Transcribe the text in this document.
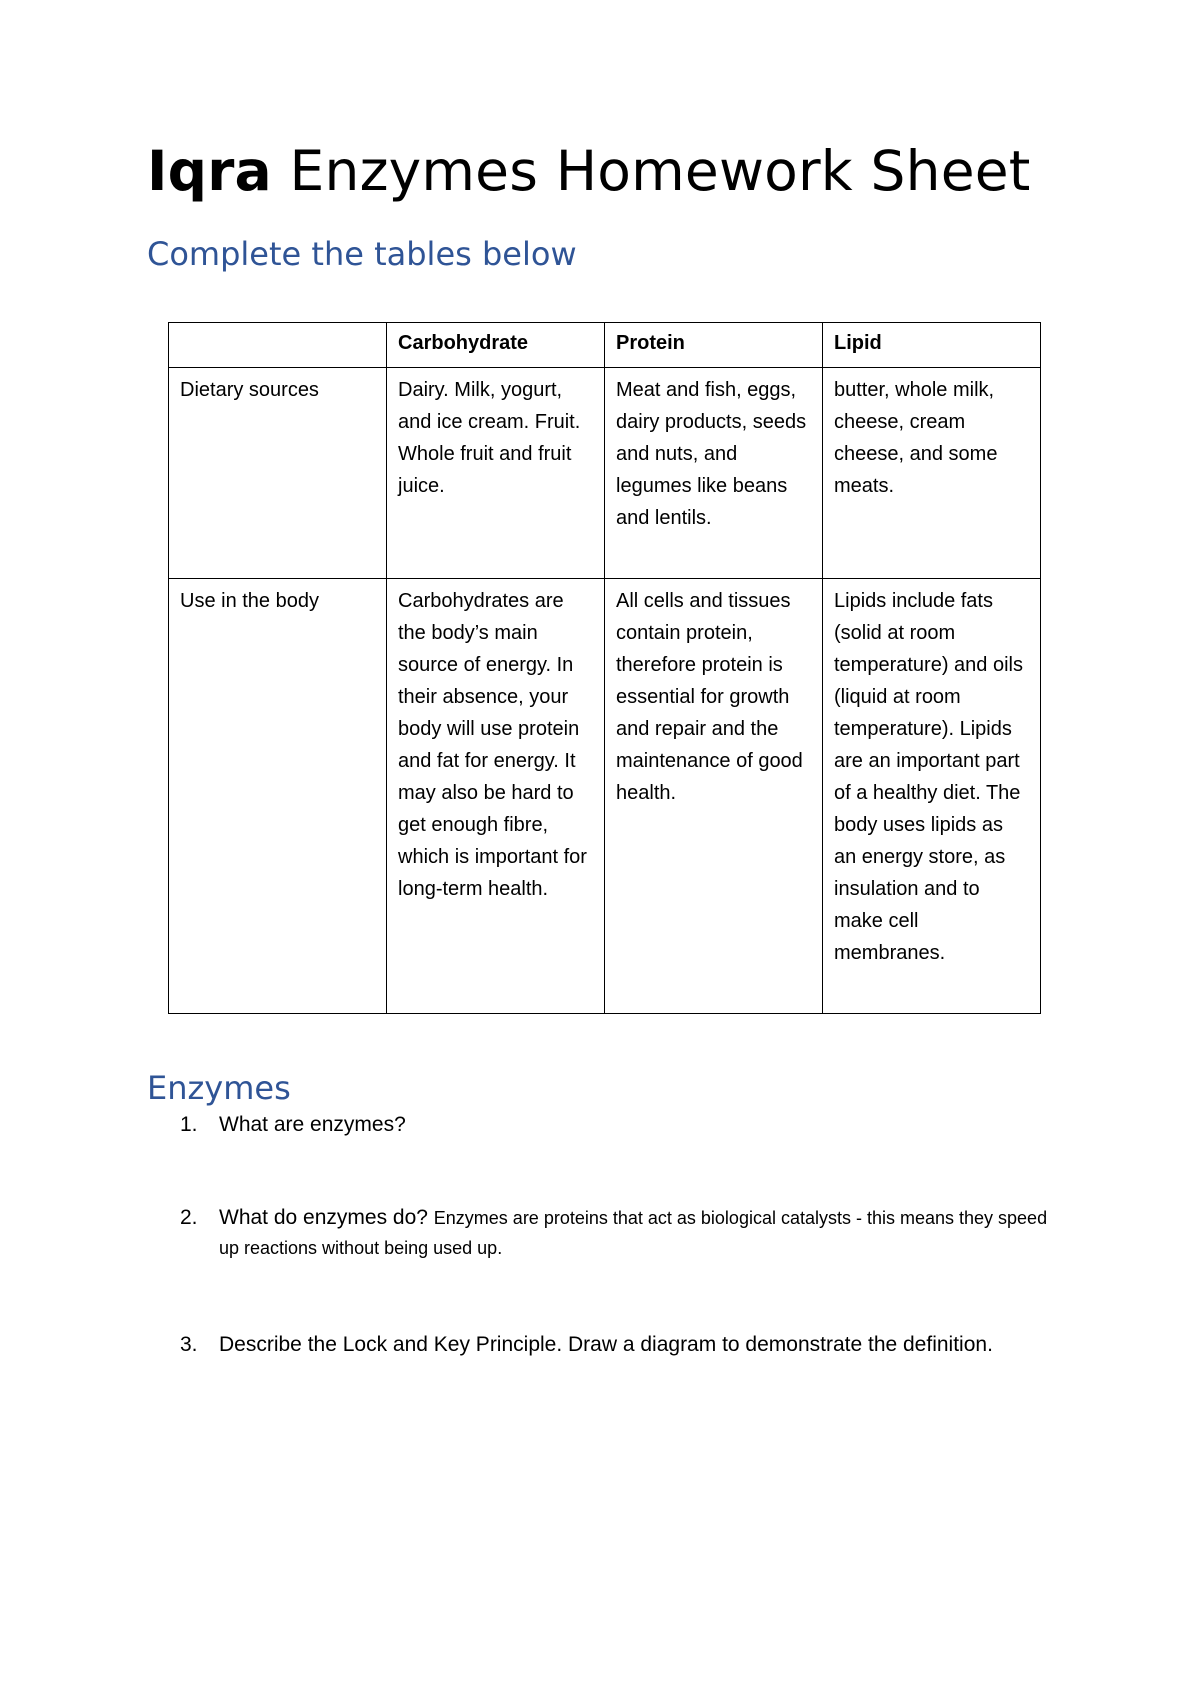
Iqra Enzymes Homework Sheet
Complete the tables below
	Carbohydrate	Protein	Lipid
Dietary sources	Dairy. Milk, yogurt, and ice cream. Fruit. Whole fruit and fruit juice.	Meat and fish, eggs, dairy products, seeds and nuts, and legumes like beans and lentils.	butter, whole milk, cheese, cream cheese, and some meats.
Use in the body	Carbohydrates are the body’s main source of energy. In their absence, your body will use protein and fat for energy. It may also be hard to get enough fibre, which is important for long-term health.	All cells and tissues contain protein, therefore protein is essential for growth and repair and the maintenance of good health.	Lipids include fats (solid at room temperature) and oils (liquid at room temperature). Lipids are an important part of a healthy diet. The body uses lipids as an energy store, as insulation and to make cell membranes.
Enzymes
1.	What are enzymes?
2.	What do enzymes do? Enzymes are proteins that act as biological catalysts - this means they speed up reactions without being used up.
3.	Describe the Lock and Key Principle. Draw a diagram to demonstrate the definition.
